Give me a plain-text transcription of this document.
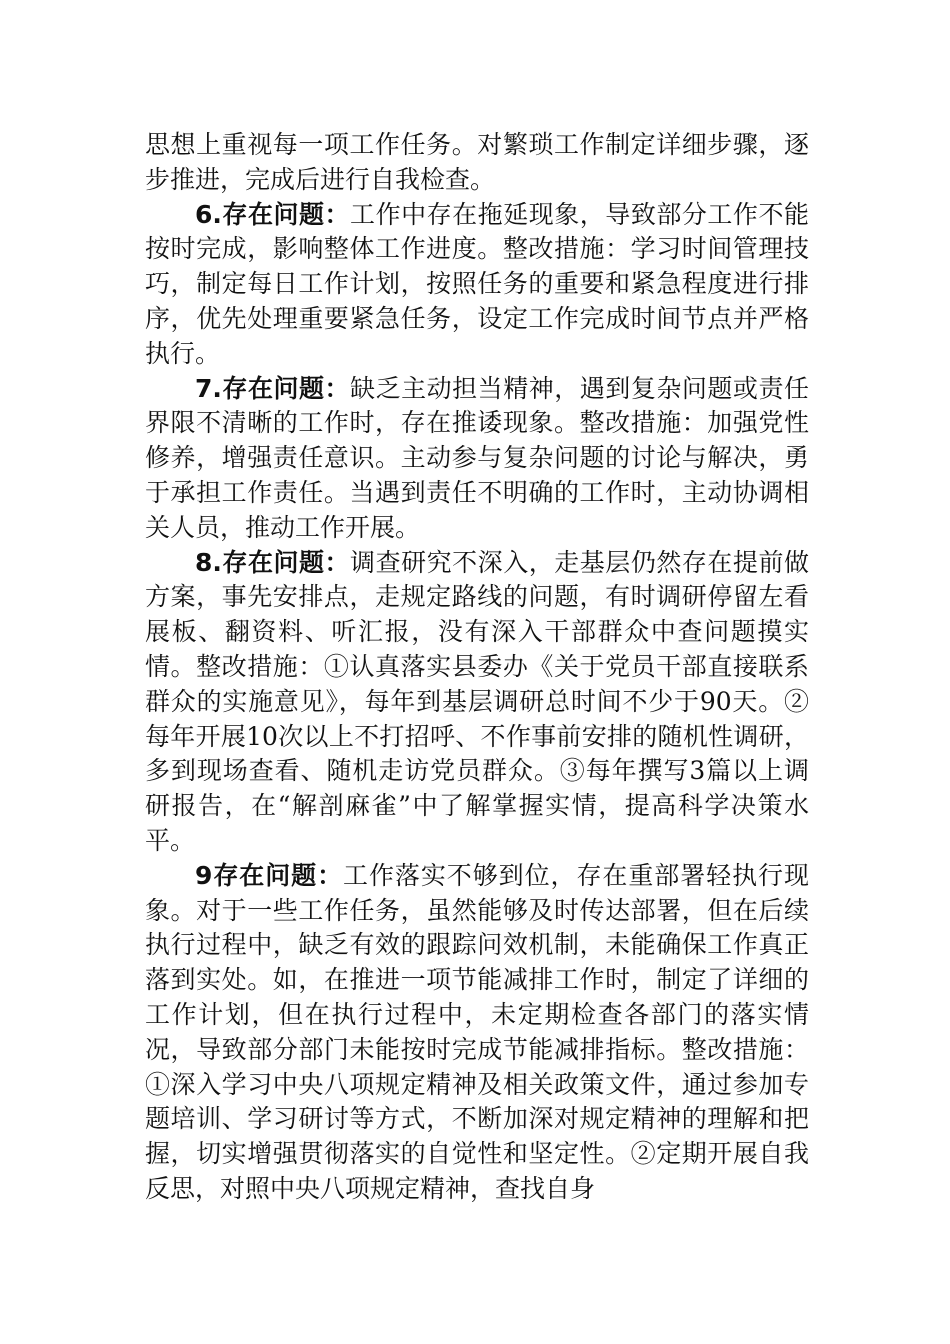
思想上重视每一项工作任务。对繁琐工作制定详细步骤，逐步推进，完成后进行自我检查。

6.存在问题：工作中存在拖延现象，导致部分工作不能按时完成，影响整体工作进度。整改措施：学习时间管理技巧，制定每日工作计划，按照任务的重要和紧急程度进行排序，优先处理重要紧急任务，设定工作完成时间节点并严格执行。

7.存在问题：缺乏主动担当精神，遇到复杂问题或责任界限不清晰的工作时，存在推诿现象。整改措施：加强党性修养，增强责任意识。主动参与复杂问题的讨论与解决，勇于承担工作责任。当遇到责任不明确的工作时，主动协调相关人员，推动工作开展。

8.存在问题：调查研究不深入，走基层仍然存在提前做方案，事先安排点，走规定路线的问题，有时调研停留左看展板、翻资料、听汇报，没有深入干部群众中查问题摸实情。整改措施：①认真落实县委办《关于党员干部直接联系群众的实施意见》，每年到基层调研总时间不少于90天。②每年开展10次以上不打招呼、不作事前安排的随机性调研，多到现场查看、随机走访党员群众。③每年撰写3篇以上调研报告，在“解剖麻雀”中了解掌握实情，提高科学决策水平。

9存在问题：工作落实不够到位，存在重部署轻执行现象。对于一些工作任务，虽然能够及时传达部署，但在后续执行过程中，缺乏有效的跟踪问效机制，未能确保工作真正落到实处。如，在推进一项节能减排工作时，制定了详细的工作计划，但在执行过程中，未定期检查各部门的落实情况，导致部分部门未能按时完成节能减排指标。整改措施：①深入学习中央八项规定精神及相关政策文件，通过参加专题培训、学习研讨等方式，不断加深对规定精神的理解和把握，切实增强贯彻落实的自觉性和坚定性。②定期开展自我反思，对照中央八项规定精神，查找自身
